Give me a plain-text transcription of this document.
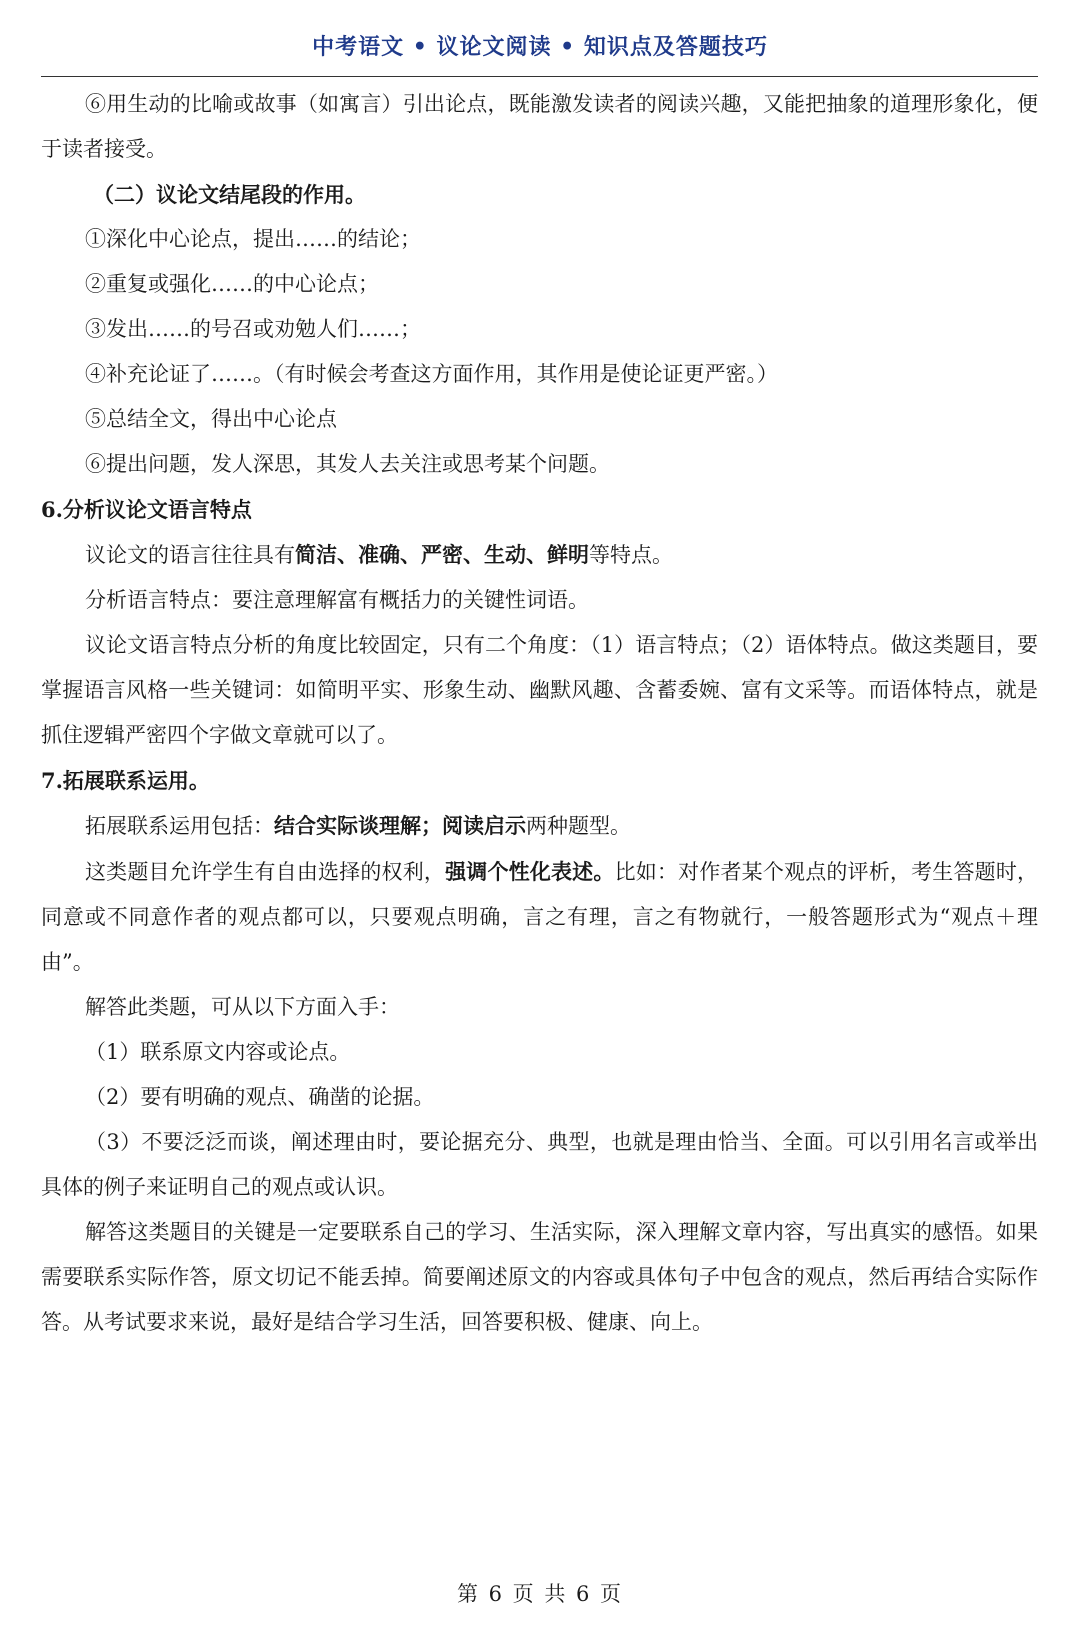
中考语文 • 议论文阅读 • 知识点及答题技巧

⑥用生动的比喻或故事（如寓言）引出论点，既能激发读者的阅读兴趣，又能把抽象的道理形象化，便于读者接受。

（二）议论文结尾段的作用。

①深化中心论点，提出……的结论；

②重复或强化……的中心论点；

③发出……的号召或劝勉人们……；

④补充论证了……。（有时候会考查这方面作用，其作用是使论证更严密。）

⑤总结全文，得出中心论点

⑥提出问题，发人深思，其发人去关注或思考某个问题。

6.分析议论文语言特点

议论文的语言往往具有简洁、准确、严密、生动、鲜明等特点。

分析语言特点：要注意理解富有概括力的关键性词语。

议论文语言特点分析的角度比较固定，只有二个角度：（1）语言特点；（2）语体特点。做这类题目，要掌握语言风格一些关键词：如简明平实、形象生动、幽默风趣、含蓄委婉、富有文采等。而语体特点，就是抓住逻辑严密四个字做文章就可以了。

7.拓展联系运用。

拓展联系运用包括：结合实际谈理解；阅读启示两种题型。

这类题目允许学生有自由选择的权利，强调个性化表述。比如：对作者某个观点的评析，考生答题时，同意或不同意作者的观点都可以，只要观点明确，言之有理，言之有物就行，一般答题形式为“观点＋理由”。

解答此类题，可从以下方面入手：

（1）联系原文内容或论点。

（2）要有明确的观点、确凿的论据。

（3）不要泛泛而谈，阐述理由时，要论据充分、典型，也就是理由恰当、全面。可以引用名言或举出具体的例子来证明自己的观点或认识。

解答这类题目的关键是一定要联系自己的学习、生活实际，深入理解文章内容，写出真实的感悟。如果需要联系实际作答，原文切记不能丢掉。简要阐述原文的内容或具体句子中包含的观点，然后再结合实际作答。从考试要求来说，最好是结合学习生活，回答要积极、健康、向上。

第 6 页 共 6 页
